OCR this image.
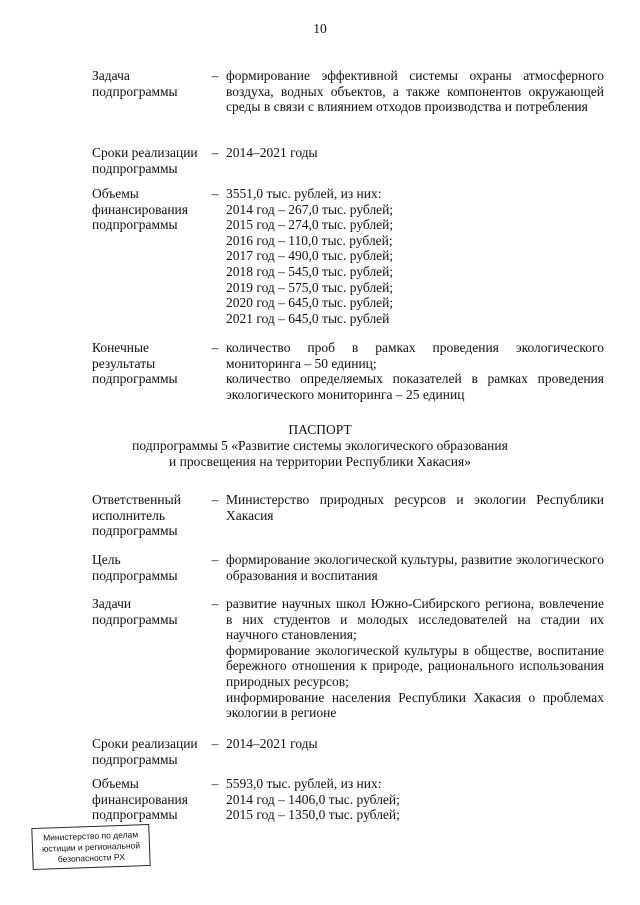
10
Задача
подпрограммы
– формирование эффективной системы охраны атмосферного воздуха, водных объектов, а также компонентов окружающей среды в связи с влиянием отходов производства и потребления

Сроки реализации
подпрограммы
– 2014–2021 годы
Объемы
финансирования
подпрограммы
– 3551,0 тыс. рублей, из них:
2014 год – 267,0 тыс. рублей;
2015 год – 274,0 тыс. рублей;
2016 год – 110,0 тыс. рублей;
2017 год – 490,0 тыс. рублей;
2018 год – 545,0 тыс. рублей;
2019 год – 575,0 тыс. рублей;
2020 год – 645,0 тыс. рублей;
2021 год – 645,0 тыс. рублей
Конечные
результаты
подпрограммы
– количество проб в рамках проведения экологического мониторинга – 50 единиц;

количество определяемых показателей в рамках проведения экологического мониторинга – 25 единиц

ПАСПОРТ
подпрограммы 5 «Развитие системы экологического образования
и просвещения на территории Республики Хакасия»
Ответственный
исполнитель
подпрограммы
– Министерство природных ресурсов и экологии Республики Хакасия

Цель
подпрограммы
– формирование экологической культуры, развитие экологического образования и воспитания

Задачи
подпрограммы
– развитие научных школ Южно-Сибирского региона, вовлечение в них студентов и молодых исследователей на стадии их научного становления;

формирование экологической культуры в обществе, воспитание бережного отношения к природе, рационального использования природных ресурсов;

информирование населения Республики Хакасия о проблемах экологии в регионе

Сроки реализации
подпрограммы
– 2014–2021 годы
Объемы
финансирования
подпрограммы
– 5593,0 тыс. рублей, из них:
2014 год – 1406,0 тыс. рублей;
2015 год – 1350,0 тыс. рублей;
Министерство по делам
юстиции и региональной
безопасности РХ
